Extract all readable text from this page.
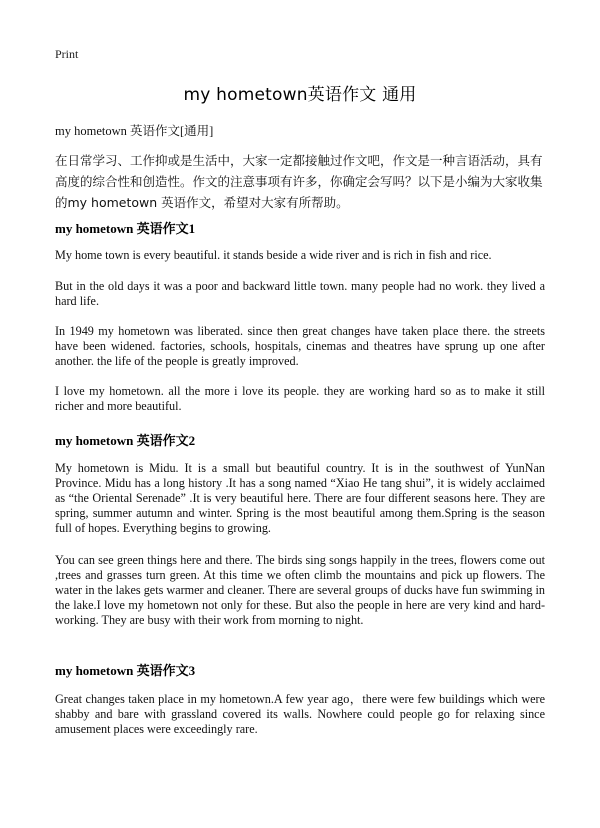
Print
my hometown英语作文 通用
my hometown 英语作文[通用]
在日常学习、工作抑或是生活中，大家一定都接触过作文吧，作文是一种言语活动，具有高度的综合性和创造性。作文的注意事项有许多，你确定会写吗？以下是小编为大家收集的my hometown 英语作文，希望对大家有所帮助。
my hometown 英语作文1
My home town is every beautiful. it stands beside a wide river and is rich in fish and rice.
But in the old days it was a poor and backward little town. many people had no work. they lived a hard life.
In 1949 my hometown was liberated. since then great changes have taken place there. the streets have been widened. factories, schools, hospitals, cinemas and theatres have sprung up one after another. the life of the people is greatly improved.
I love my hometown. all the more i love its people. they are working hard so as to make it still richer and more beautiful.
my hometown 英语作文2
My hometown is Midu. It is a small but beautiful country. It is in the southwest of YunNan Province. Midu has a long history .It has a song named “Xiao He tang shui”, it is widely acclaimed as “the Oriental Serenade” .It is very beautiful here. There are four different seasons here. They are spring, summer autumn and winter. Spring is the most beautiful among them.Spring is the season full of hopes. Everything begins to growing.
You can see green things here and there. The birds sing songs happily in the trees, flowers come out ,trees and grasses turn green. At this time we often climb the mountains and pick up flowers. The water in the lakes gets warmer and cleaner. There are several groups of ducks have fun swimming in the lake.I love my hometown not only for these. But also the people in here are very kind and hard-working. They are busy with their work from morning to night.
my hometown 英语作文3
Great changes taken place in my hometown.A few year ago，there were few buildings which were shabby and bare with grassland covered its walls. Nowhere could people go for relaxing since amusement places were exceedingly rare.
